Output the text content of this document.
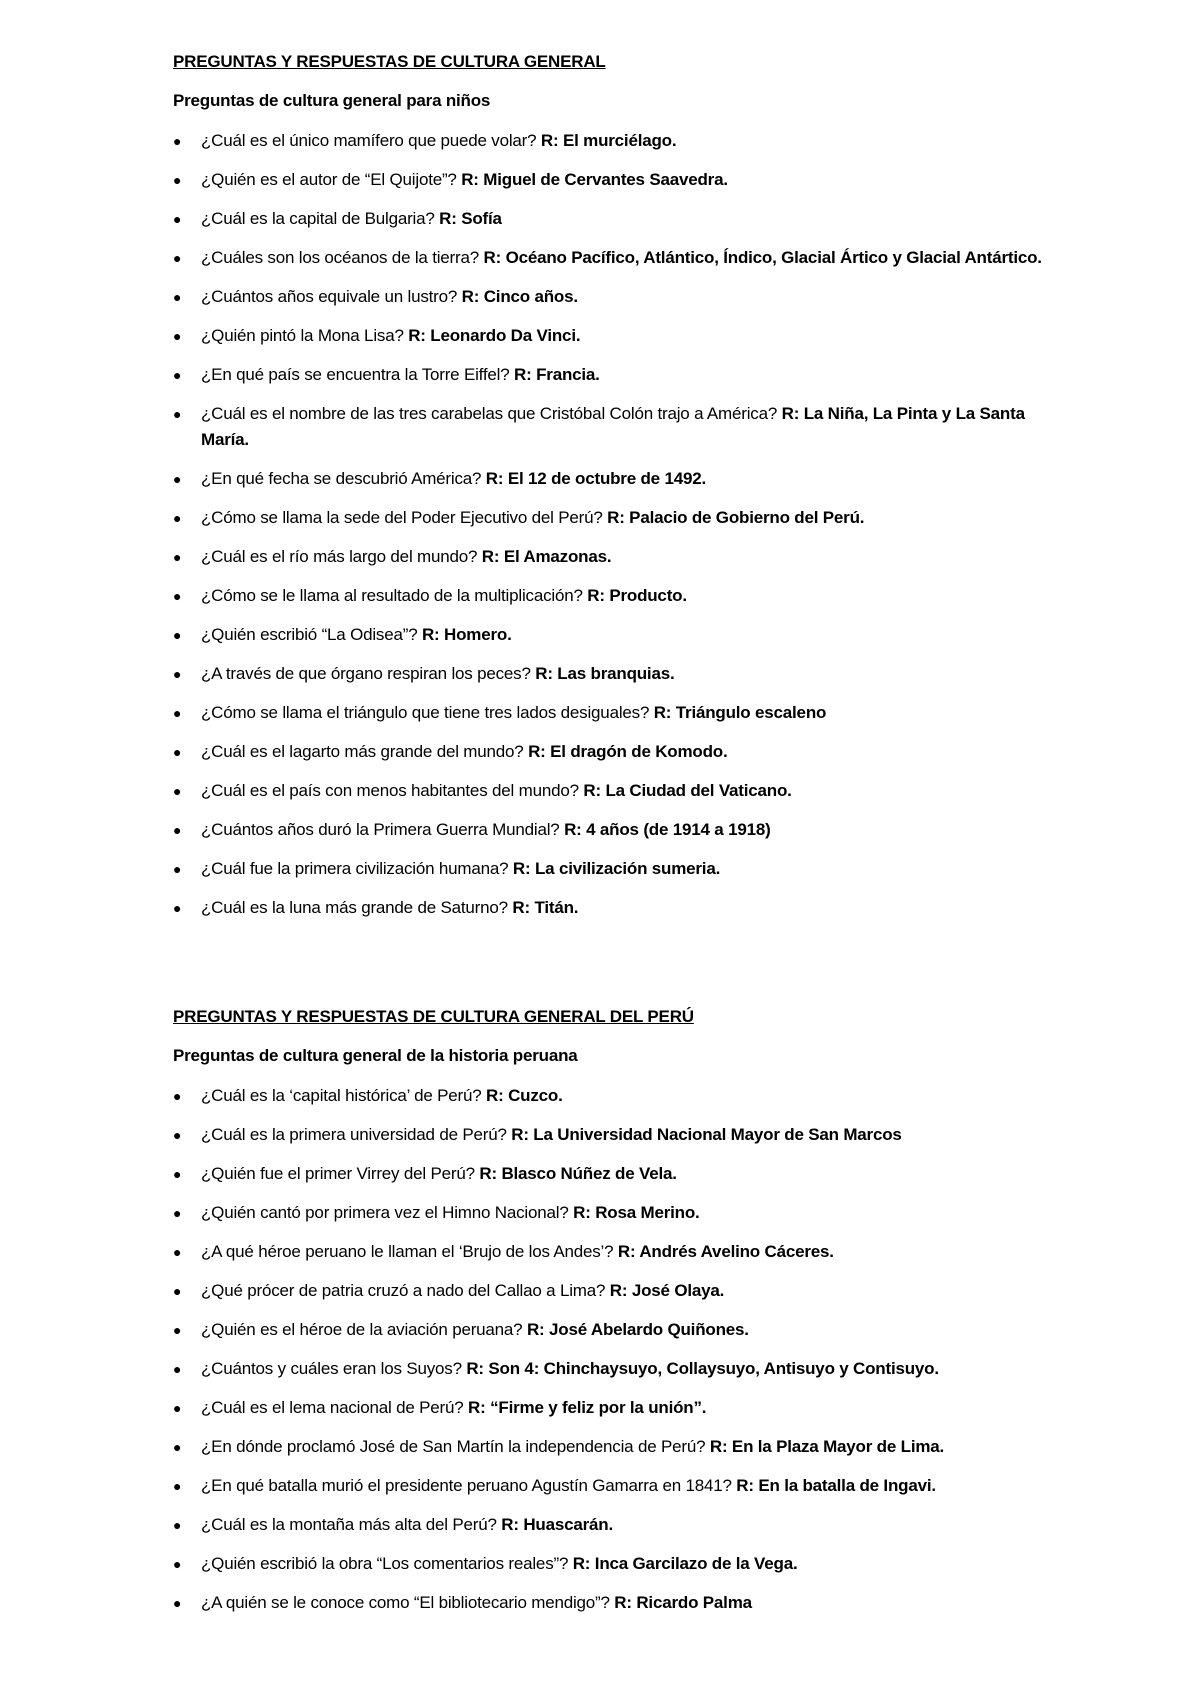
PREGUNTAS Y RESPUESTAS DE CULTURA GENERAL
Preguntas de cultura general para niños
●	¿Cuál es el único mamífero que puede volar? R: El murciélago.
●	¿Quién es el autor de “El Quijote”? R: Miguel de Cervantes Saavedra.
●	¿Cuál es la capital de Bulgaria? R: Sofía
●	¿Cuáles son los océanos de la tierra? R: Océano Pacífico, Atlántico, Índico, Glacial Ártico y Glacial Antártico.
●	¿Cuántos años equivale un lustro? R: Cinco años.
●	¿Quién pintó la Mona Lisa? R: Leonardo Da Vinci.
●	¿En qué país se encuentra la Torre Eiffel? R: Francia.
●	¿Cuál es el nombre de las tres carabelas que Cristóbal Colón trajo a América? R: La Niña, La Pinta y La Santa María.
●	¿En qué fecha se descubrió América? R: El 12 de octubre de 1492.
●	¿Cómo se llama la sede del Poder Ejecutivo del Perú? R: Palacio de Gobierno del Perú.
●	¿Cuál es el río más largo del mundo? R: El Amazonas.
●	¿Cómo se le llama al resultado de la multiplicación? R: Producto.
●	¿Quién escribió “La Odisea”? R: Homero.
●	¿A través de que órgano respiran los peces? R: Las branquias.
●	¿Cómo se llama el triángulo que tiene tres lados desiguales? R: Triángulo escaleno
●	¿Cuál es el lagarto más grande del mundo? R: El dragón de Komodo.
●	¿Cuál es el país con menos habitantes del mundo? R: La Ciudad del Vaticano.
●	¿Cuántos años duró la Primera Guerra Mundial? R: 4 años (de 1914 a 1918)
●	¿Cuál fue la primera civilización humana? R: La civilización sumeria.
●	¿Cuál es la luna más grande de Saturno? R: Titán.
PREGUNTAS Y RESPUESTAS DE CULTURA GENERAL DEL PERÚ
Preguntas de cultura general de la historia peruana
●	¿Cuál es la ‘capital histórica’ de Perú? R: Cuzco.
●	¿Cuál es la primera universidad de Perú? R: La Universidad Nacional Mayor de San Marcos
●	¿Quién fue el primer Virrey del Perú? R: Blasco Núñez de Vela.
●	¿Quién cantó por primera vez el Himno Nacional? R: Rosa Merino.
●	¿A qué héroe peruano le llaman el ‘Brujo de los Andes’? R: Andrés Avelino Cáceres.
●	¿Qué prócer de patria cruzó a nado del Callao a Lima? R: José Olaya.
●	¿Quién es el héroe de la aviación peruana? R: José Abelardo Quiñones.
●	¿Cuántos y cuáles eran los Suyos? R: Son 4: Chinchaysuyo, Collaysuyo, Antisuyo y Contisuyo.
●	¿Cuál es el lema nacional de Perú? R: “Firme y feliz por la unión”.
●	¿En dónde proclamó José de San Martín la independencia de Perú? R: En la Plaza Mayor de Lima.
●	¿En qué batalla murió el presidente peruano Agustín Gamarra en 1841? R: En la batalla de Ingavi.
●	¿Cuál es la montaña más alta del Perú? R: Huascarán.
●	¿Quién escribió la obra “Los comentarios reales”? R: Inca Garcilazo de la Vega.
●	¿A quién se le conoce como “El bibliotecario mendigo”? R: Ricardo Palma
